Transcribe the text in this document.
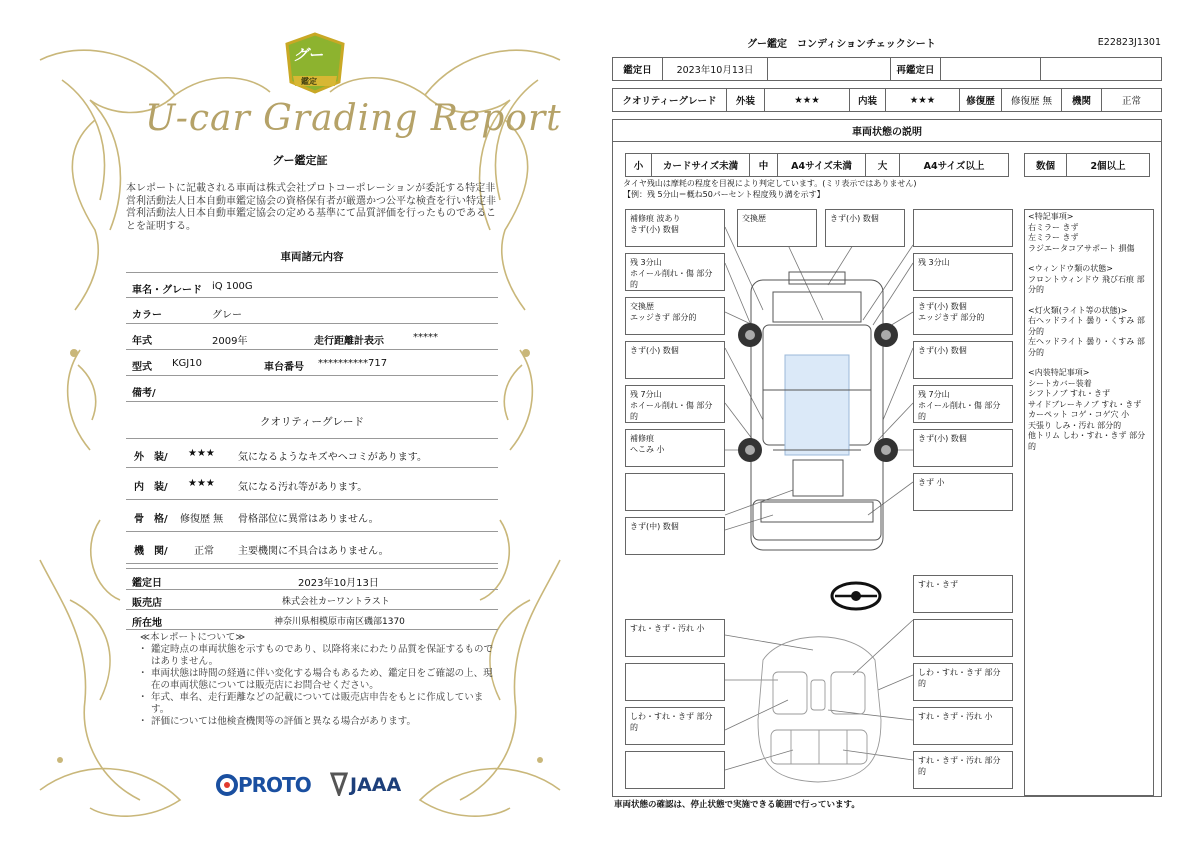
グー
鑑定
U-car Grading Report
グー鑑定証
本レポートに記載される車両は株式会社プロトコーポレーションが委託する特定非営利活動法人日本自動車鑑定協会の資格保有者が厳選かつ公平な検査を行い特定非営利活動法人日本自動車鑑定協会の定める基準にて品質評価を行ったものであることを証明する。
車両諸元内容
車名・グレード iQ 100G
カラー	グレー
年式	2009年	走行距離計表示	*****
型式 KGJ10	車台番号 **********717
備考/
クオリティーグレード
外　装/ ★★★ 気になるようなキズやヘコミがあります。
内　装/ ★★★ 気になる汚れ等があります。
骨　格/ 修復歴 無 骨格部位に異常はありません。
機　関/	正常 主要機関に不具合はありません。
鑑定日	2023年10月13日
販売店	株式会社カーワントラスト
所在地	神奈川県相模原市南区磯部1370
≪本レポートについて≫
・ 鑑定時点の車両状態を示すものであり、以降将来にわたり品質を保証するものではありません。
・ 車両状態は時間の経過に伴い変化する場合もあるため、鑑定日をご確認の上、現在の車両状態については販売店にお問合せください。
・ 年式、車名、走行距離などの記載については販売店申告をもとに作成しています。
・ 評価については他検査機関等の評価と異なる場合があります。
PROTO JAAA
グー鑑定　コンディションチェックシート	E22823J1301
鑑定日	2023年10月13日	再鑑定日
クオリティーグレード	外装	★★★	内装	★★★	修復歴	修復歴 無	機関	正常
車両状態の説明
小	カードサイズ未満	中	A4サイズ未満	大	A4サイズ以上	数個	2個以上
タイヤ残山は摩耗の程度を目視により判定しています。(ミリ表示ではありません)
【例：残 5分山＝概ね50パーセント程度残り溝を示す】
補修痕 波あり
きず(小) 数個
残 3分山
ホイール削れ・傷 部分的
交換歴
エッジきず 部分的
きず(小) 数個
残 7分山
ホイール削れ・傷 部分的
補修痕
へこみ 小
きず(中) 数個
交換歴	きず(小) 数個
残 3分山
きず(小) 数個
エッジきず 部分的
きず(小) 数個
残 7分山
ホイール削れ・傷 部分的
きず(小) 数個
きず 小
すれ・きず
すれ・きず・汚れ 小
しわ・すれ・きず 部分的
しわ・すれ・きず 部分的
すれ・きず・汚れ 小
すれ・きず・汚れ 部分的
<特記事項>
右ミラー きず
左ミラー きず
ラジエータコアサポート 損傷
<ウィンドウ類の状態>
フロントウィンドウ 飛び石痕 部分的
<灯火類(ライト等の状態)>
右ヘッドライト 曇り・くすみ 部分的
左ヘッドライト 曇り・くすみ 部分的
<内装特記事項>
シートカバー装着
シフトノブ すれ・きず
サイドブレーキノブ すれ・きず
カーペット コゲ・コゲ穴 小
天張り しみ・汚れ 部分的
他トリム しわ・すれ・きず 部分的
車両状態の確認は、停止状態で実施できる範囲で行っています。
